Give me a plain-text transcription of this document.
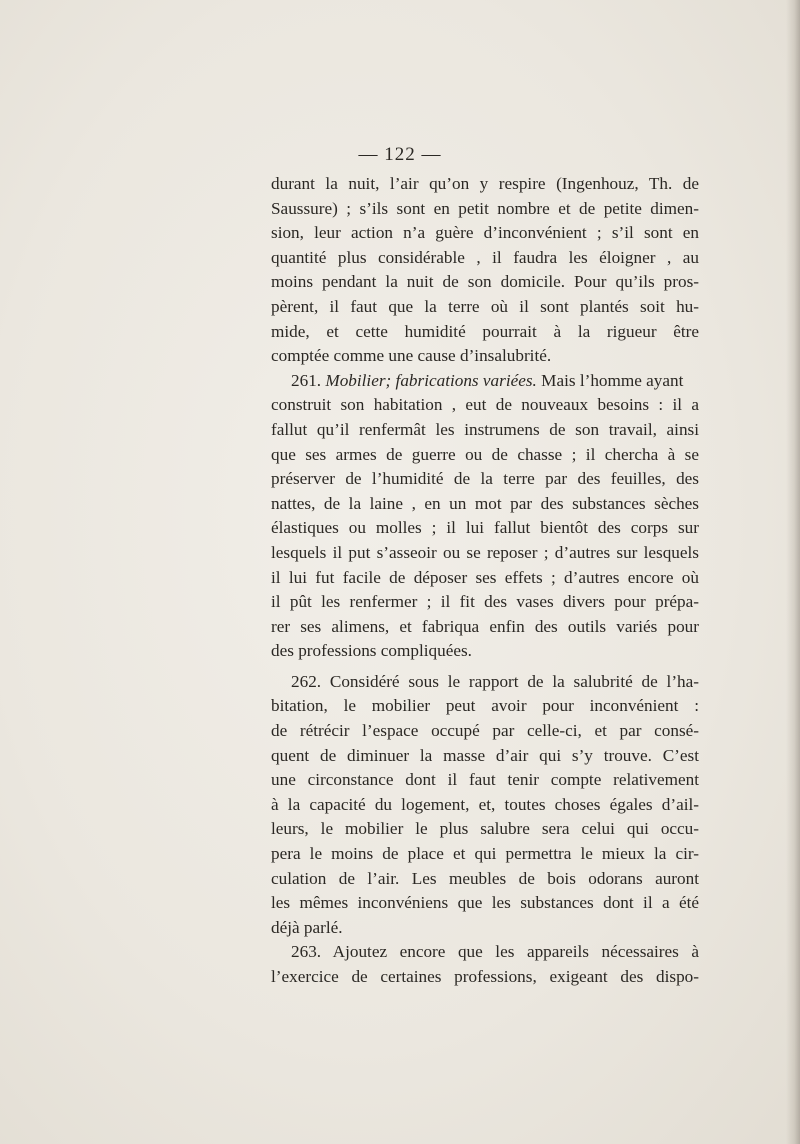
— 122 —
durant la nuit, l’air qu’on y respire (Ingenhouz, Th. de
Saussure) ; s’ils sont en petit nombre et de petite dimen-
sion, leur action n’a guère d’inconvénient ; s’il sont en
quantité plus considérable , il faudra les éloigner , au
moins pendant la nuit de son domicile. Pour qu’ils pros-
pèrent, il faut que la terre où il sont plantés soit hu-
mide, et cette humidité pourrait à la rigueur être
comptée comme une cause d’insalubrité.
261. Mobilier; fabrications variées. Mais l’homme ayant
construit son habitation , eut de nouveaux besoins : il a
fallut qu’il renfermât les instrumens de son travail, ainsi
que ses armes de guerre ou de chasse ; il chercha à se
préserver de l’humidité de la terre par des feuilles, des
nattes, de la laine , en un mot par des substances sèches
élastiques ou molles ; il lui fallut bientôt des corps sur
lesquels il put s’asseoir ou se reposer ; d’autres sur lesquels
il lui fut facile de déposer ses effets ; d’autres encore où
il pût les renfermer ; il fit des vases divers pour prépa-
rer ses alimens, et fabriqua enfin des outils variés pour
des professions compliquées.
262. Considéré sous le rapport de la salubrité de l’ha-
bitation, le mobilier peut avoir pour inconvénient :
de rétrécir l’espace occupé par celle-ci, et par consé-
quent de diminuer la masse d’air qui s’y trouve. C’est
une circonstance dont il faut tenir compte relativement
à la capacité du logement, et, toutes choses égales d’ail-
leurs, le mobilier le plus salubre sera celui qui occu-
pera le moins de place et qui permettra le mieux la cir-
culation de l’air. Les meubles de bois odorans auront
les mêmes inconvéniens que les substances dont il a été
déjà parlé.
263. Ajoutez encore que les appareils nécessaires à
l’exercice de certaines professions, exigeant des dispo-
